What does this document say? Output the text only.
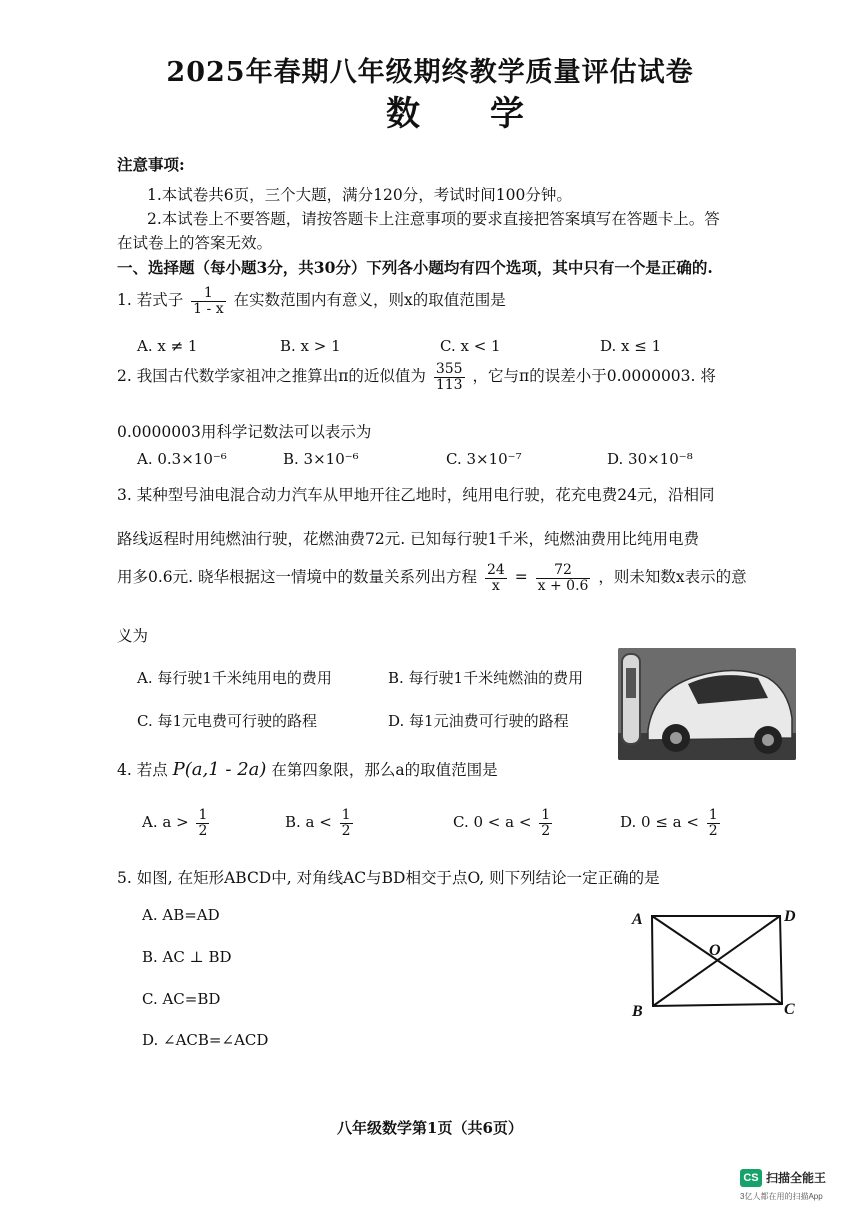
2025年春期八年级期终教学质量评估试卷
数学
注意事项:
1.本试卷共6页，三个大题，满分120分，考试时间100分钟。
2.本试卷上不要答题，请按答题卡上注意事项的要求直接把答案填写在答题卡上。答
在试卷上的答案无效。
一、选择题（每小题3分，共30分）下列各小题均有四个选项，其中只有一个是正确的.
1. 若式子 $\frac{1}{1 - x}$ 在实数范围内有意义，则x的取值范围是
A. x ≠ 1	B. x > 1	C. x < 1	D. x ≤ 1
2. 我国古代数学家祖冲之推算出π的近似值为 $\frac{355}{113}$ ，它与π的误差小于0.0000003. 将
0.0000003用科学记数法可以表示为
A. 0.3×10⁻⁶	B. 3×10⁻⁶	C. 3×10⁻⁷	D. 30×10⁻⁸
3. 某种型号油电混合动力汽车从甲地开往乙地时，纯用电行驶，花充电费24元，沿相同
路线返程时用纯燃油行驶，花燃油费72元. 已知每行驶1千米，纯燃油费用比纯用电费
用多0.6元. 晓华根据这一情境中的数量关系列出方程 $\frac{24}{x} = \frac{72}{x + 0.6}$ ，则未知数x表示的意
义为
A. 每行驶1千米纯用电的费用	B. 每行驶1千米纯燃油的费用
C. 每1元电费可行驶的路程	D. 每1元油费可行驶的路程
4. 若点 P(a,1 - 2a) 在第四象限，那么a的取值范围是
A. $a > \frac{1}{2}$	B. $a < \frac{1}{2}$	C. $0 < a < \frac{1}{2}$	D. $0 \le a < \frac{1}{2}$
5. 如图, 在矩形ABCD中, 对角线AC与BD相交于点O, 则下列结论一定正确的是
A. AB=AD
B. AC ⊥ BD
C. AC=BD
D. ∠ACB=∠ACD
A	D
B	C
O
八年级数学第1页（共6页）
CS 扫描全能王
3亿人都在用的扫描App
